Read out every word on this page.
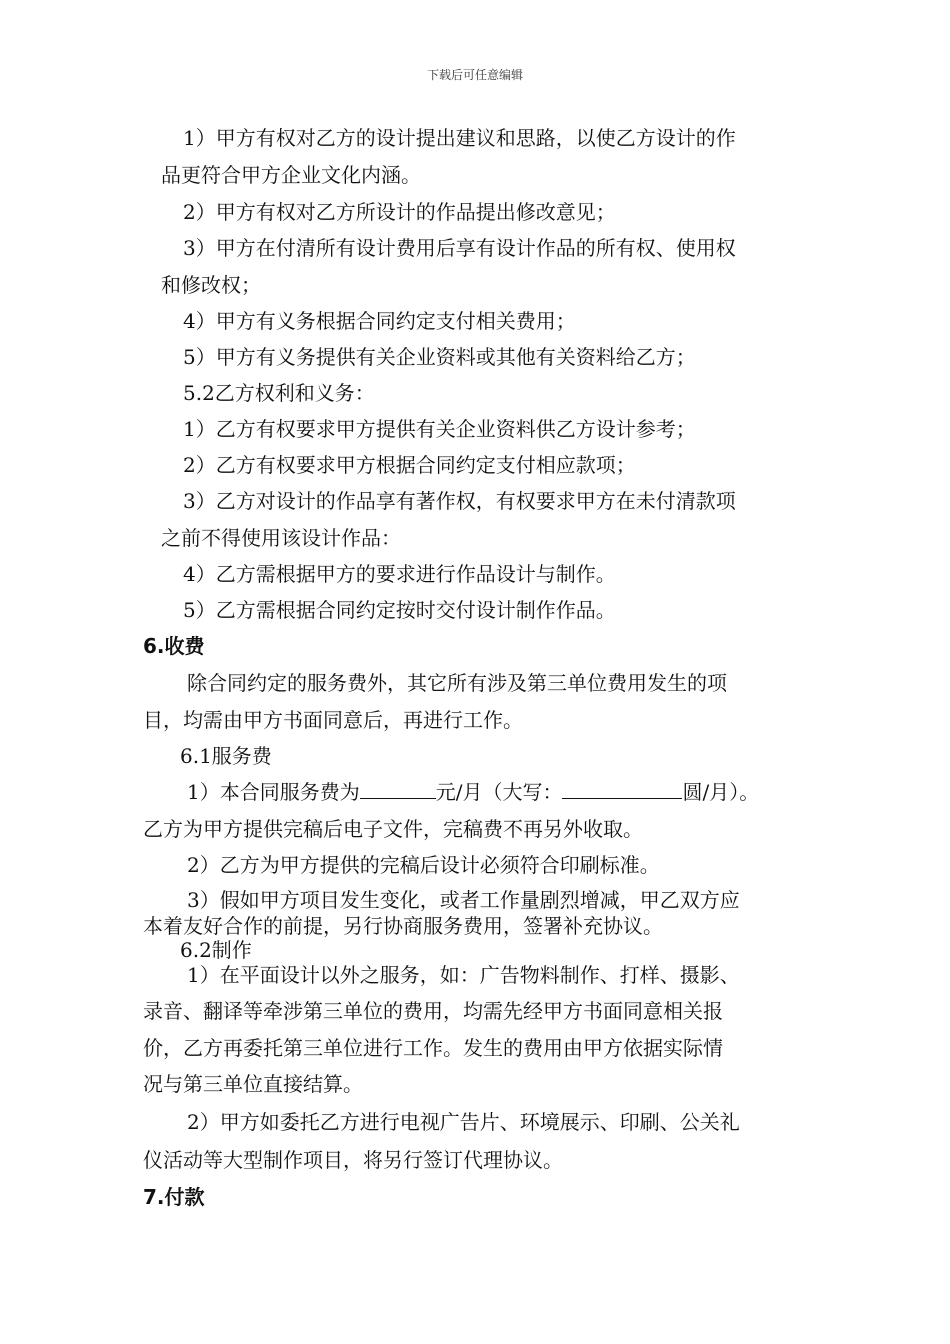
下载后可任意编辑
1）甲方有权对乙方的设计提出建议和思路，以使乙方设计的作
品更符合甲方企业文化内涵。
2）甲方有权对乙方所设计的作品提出修改意见；
3）甲方在付清所有设计费用后享有设计作品的所有权、使用权
和修改权；
4）甲方有义务根据合同约定支付相关费用；
5）甲方有义务提供有关企业资料或其他有关资料给乙方；
5.2乙方权利和义务：
1）乙方有权要求甲方提供有关企业资料供乙方设计参考；
2）乙方有权要求甲方根据合同约定支付相应款项；
3）乙方对设计的作品享有著作权，有权要求甲方在未付清款项
之前不得使用该设计作品：
4）乙方需根据甲方的要求进行作品设计与制作。
5）乙方需根据合同约定按时交付设计制作作品。
6.收费
除合同约定的服务费外，其它所有涉及第三单位费用发生的项
目，均需由甲方书面同意后，再进行工作。
6.1服务费
1）本合同服务费为	元/月（大写：	圆/月）。
乙方为甲方提供完稿后电子文件，完稿费不再另外收取。
2）乙方为甲方提供的完稿后设计必须符合印刷标准。
3）假如甲方项目发生变化，或者工作量剧烈增减，甲乙双方应
本着友好合作的前提，另行协商服务费用，签署补充协议。
6.2制作
1）在平面设计以外之服务，如：广告物料制作、打样、摄影、
录音、翻译等牵涉第三单位的费用，均需先经甲方书面同意相关报
价，乙方再委托第三单位进行工作。发生的费用由甲方依据实际情
况与第三单位直接结算。
2）甲方如委托乙方进行电视广告片、环境展示、印刷、公关礼
仪活动等大型制作项目，将另行签订代理协议。
7.付款
